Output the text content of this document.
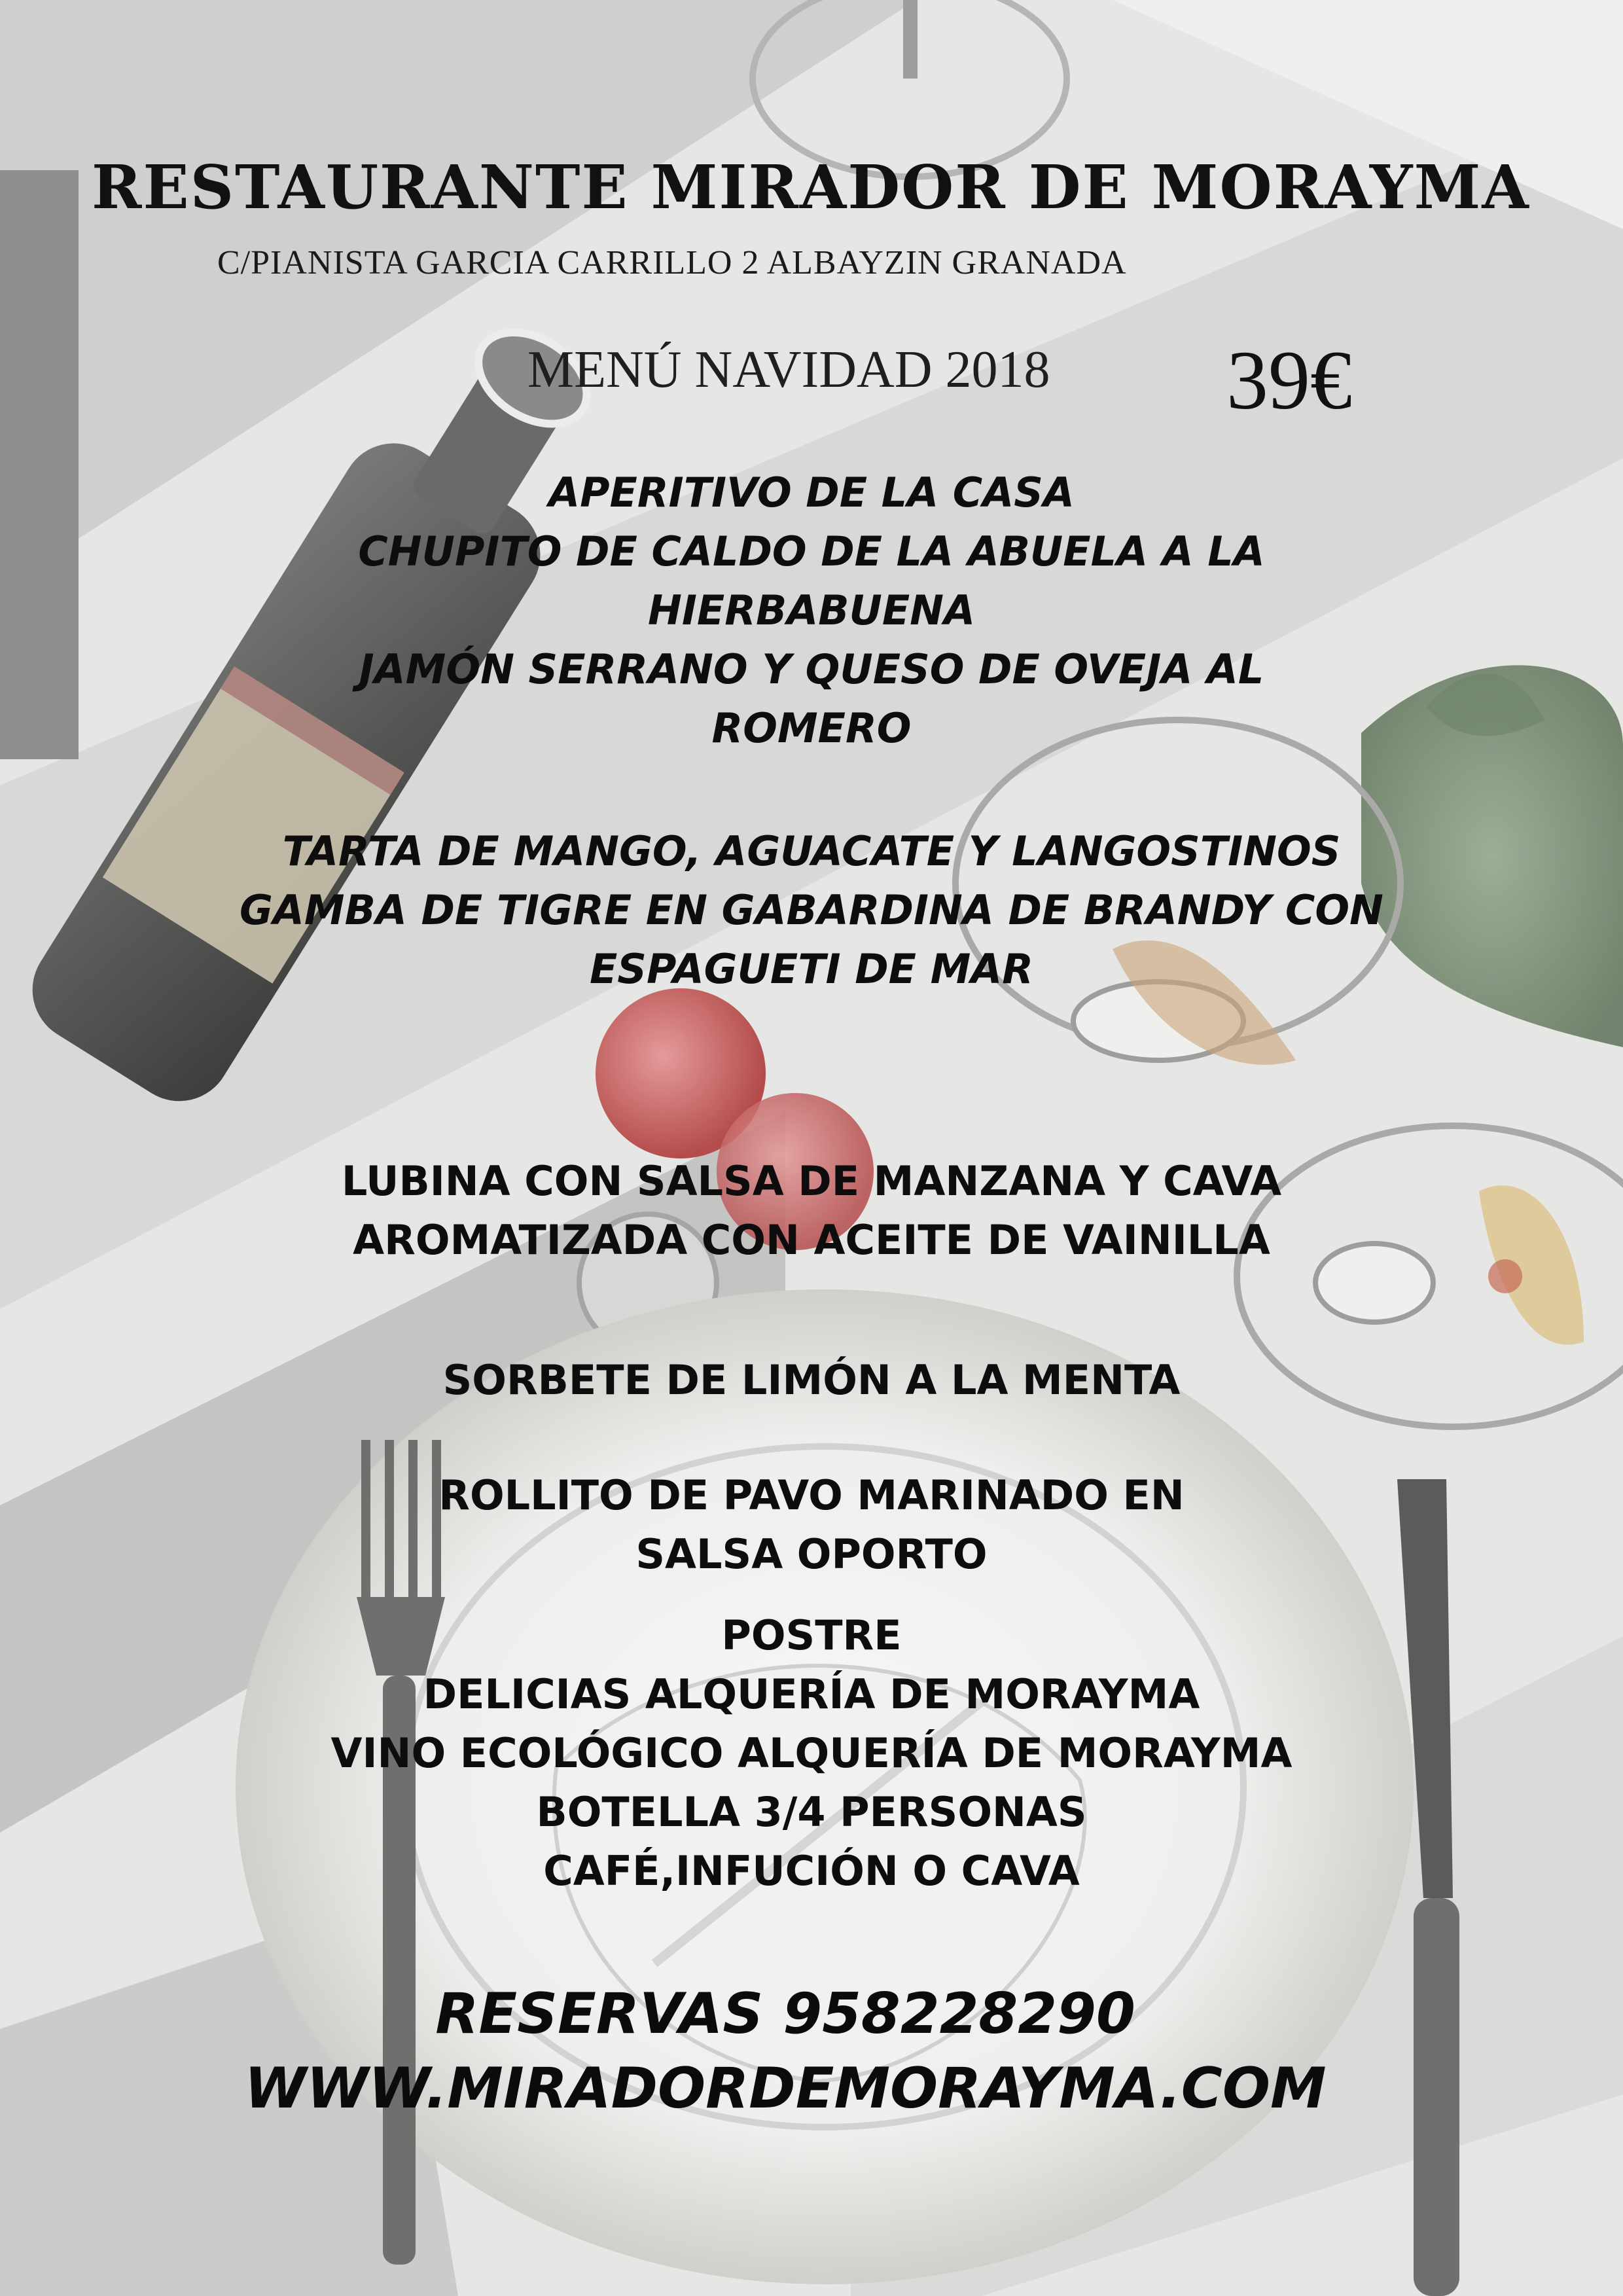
RESTAURANTE MIRADOR DE MORAYMA
C/PIANISTA GARCIA CARRILLO 2 ALBAYZIN GRANADA
MENÚ NAVIDAD 2018	39€
APERITIVO DE LA CASA
CHUPITO DE CALDO DE LA ABUELA A LA
HIERBABUENA
JAMÓN SERRANO Y QUESO DE OVEJA AL
ROMERO
TARTA DE MANGO, AGUACATE Y LANGOSTINOS
GAMBA DE TIGRE EN GABARDINA DE BRANDY CON
ESPAGUETI DE MAR
LUBINA CON SALSA DE MANZANA Y CAVA
AROMATIZADA CON ACEITE DE VAINILLA
SORBETE DE LIMÓN A LA MENTA
ROLLITO DE PAVO MARINADO EN
SALSA OPORTO
POSTRE
DELICIAS ALQUERÍA DE MORAYMA
VINO ECOLÓGICO ALQUERÍA DE MORAYMA
BOTELLA 3/4 PERSONAS
CAFÉ,INFUCIÓN O CAVA
RESERVAS 958228290
WWW.MIRADORDEMORAYMA.COM
